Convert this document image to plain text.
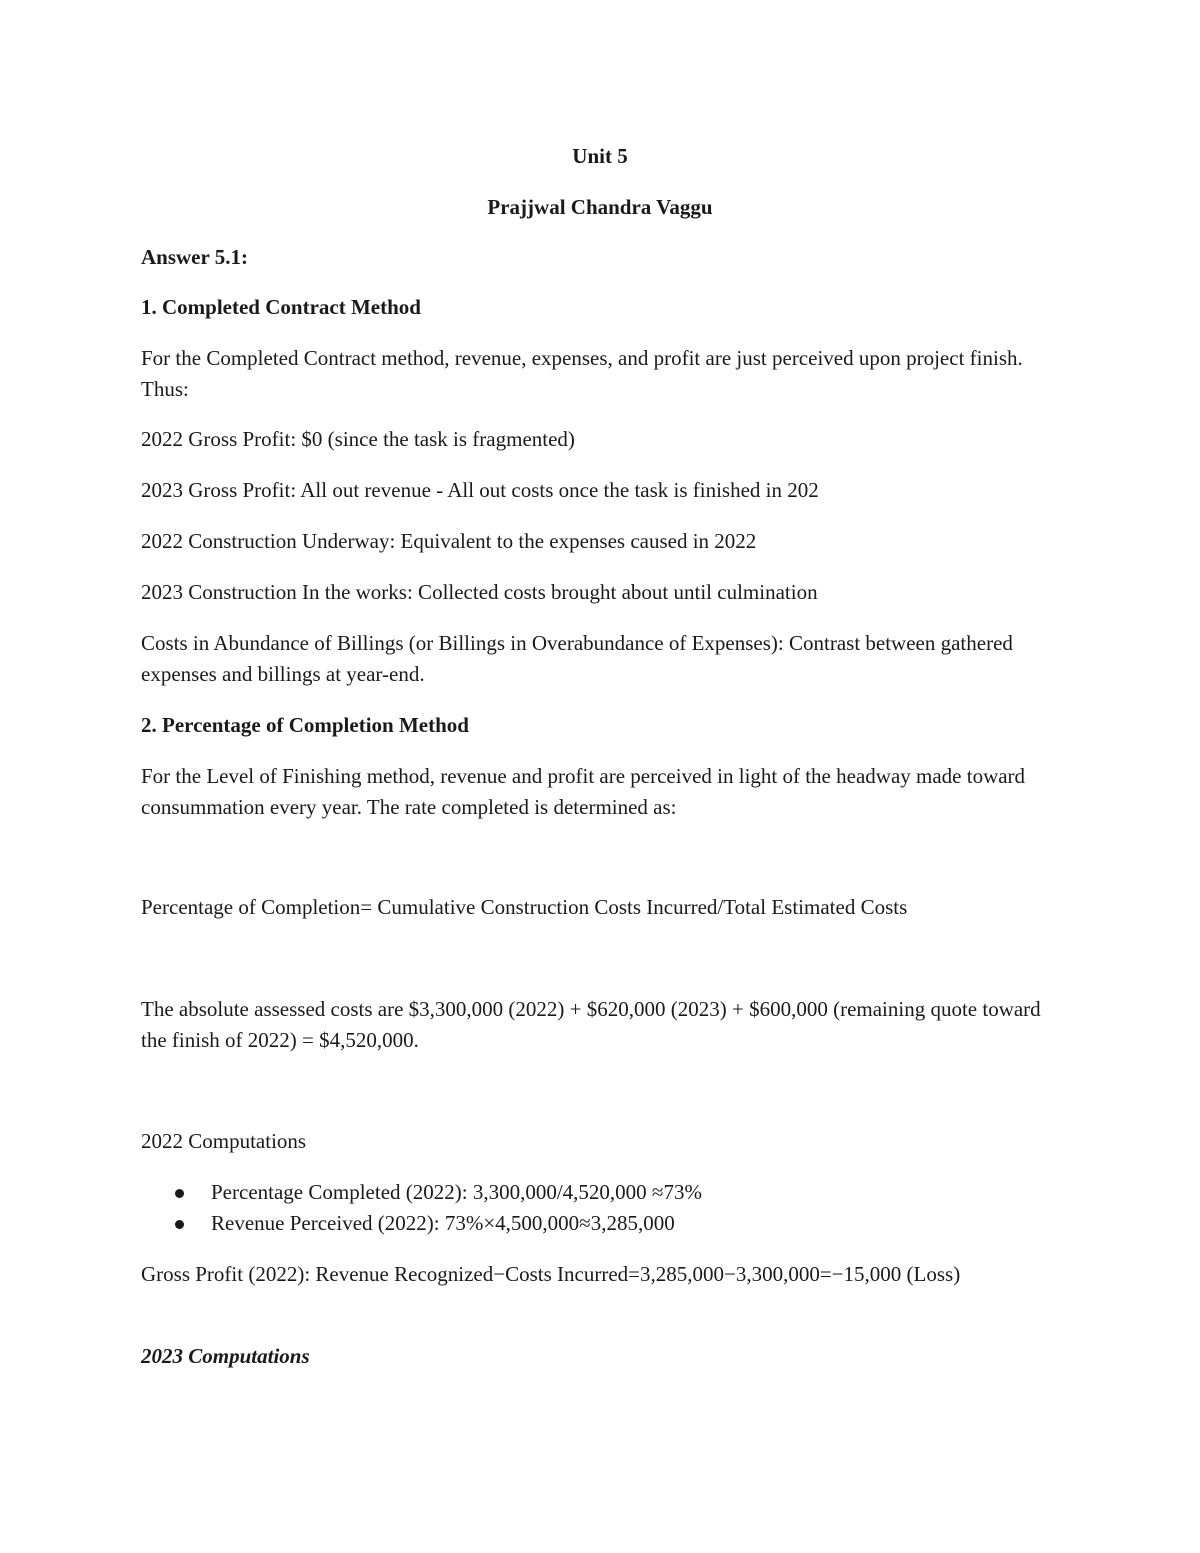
Unit 5
Prajjwal Chandra Vaggu
Answer 5.1:
1. Completed Contract Method
For the Completed Contract method, revenue, expenses, and profit are just perceived upon project finish. Thus:
2022 Gross Profit: $0 (since the task is fragmented)
2023 Gross Profit: All out revenue - All out costs once the task is finished in 202
2022 Construction Underway: Equivalent to the expenses caused in 2022
2023 Construction In the works: Collected costs brought about until culmination
Costs in Abundance of Billings (or Billings in Overabundance of Expenses): Contrast between gathered expenses and billings at year-end.
2. Percentage of Completion Method
For the Level of Finishing method, revenue and profit are perceived in light of the headway made toward consummation every year. The rate completed is determined as:
Percentage of Completion= Cumulative Construction Costs Incurred/Total Estimated Costs
The absolute assessed costs are $3,300,000 (2022) + $620,000 (2023) + $600,000 (remaining quote toward the finish of 2022) = $4,520,000.
2022 Computations
Percentage Completed (2022): 3,300,000/4,520,000 ≈73%
Revenue Perceived (2022): 73%×4,500,000≈3,285,000
Gross Profit (2022): Revenue Recognized−Costs Incurred=3,285,000−3,300,000=−15,000 (Loss)
2023 Computations
